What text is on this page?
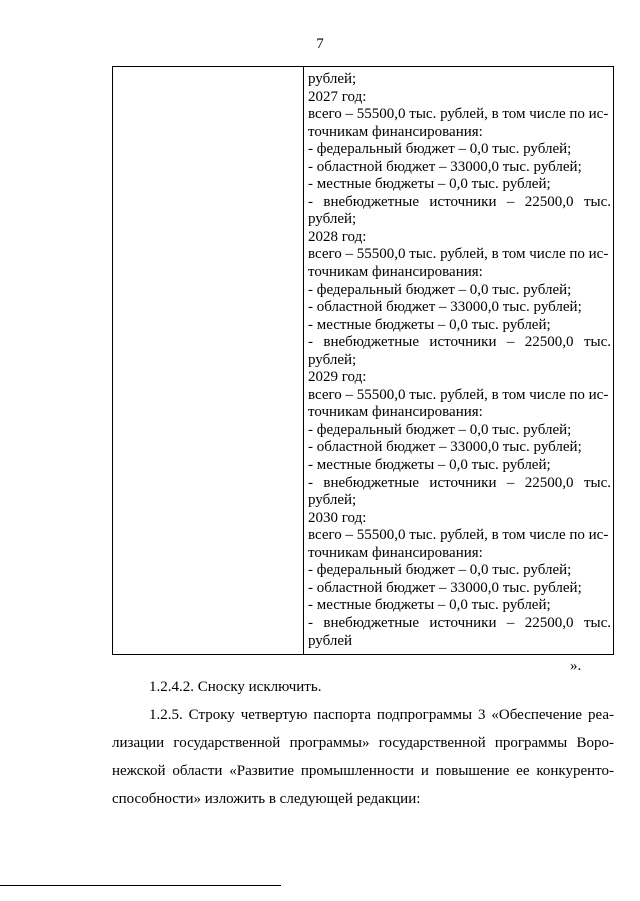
7
рублей;
2027 год:
всего – 55500,0 тыс. рублей, в том числе по ис-
точникам финансирования:
- федеральный бюджет – 0,0 тыс. рублей;
- областной бюджет – 33000,0 тыс. рублей;
- местные бюджеты – 0,0 тыс. рублей;
- внебюджетные источники – 22500,0 тыс.
рублей;
2028 год:
всего – 55500,0 тыс. рублей, в том числе по ис-
точникам финансирования:
- федеральный бюджет – 0,0 тыс. рублей;
- областной бюджет – 33000,0 тыс. рублей;
- местные бюджеты – 0,0 тыс. рублей;
- внебюджетные источники – 22500,0 тыс.
рублей;
2029 год:
всего – 55500,0 тыс. рублей, в том числе по ис-
точникам финансирования:
- федеральный бюджет – 0,0 тыс. рублей;
- областной бюджет – 33000,0 тыс. рублей;
- местные бюджеты – 0,0 тыс. рублей;
- внебюджетные источники – 22500,0 тыс.
рублей;
2030 год:
всего – 55500,0 тыс. рублей, в том числе по ис-
точникам финансирования:
- федеральный бюджет – 0,0 тыс. рублей;
- областной бюджет – 33000,0 тыс. рублей;
- местные бюджеты – 0,0 тыс. рублей;
- внебюджетные источники – 22500,0 тыс.
рублей
».
1.2.4.2. Сноску исключить.
1.2.5. Строку четвертую паспорта подпрограммы 3 «Обеспечение реа-
лизации государственной программы» государственной программы Воро-
нежской области «Развитие промышленности и повышение ее конкуренто-
способности» изложить в следующей редакции:
